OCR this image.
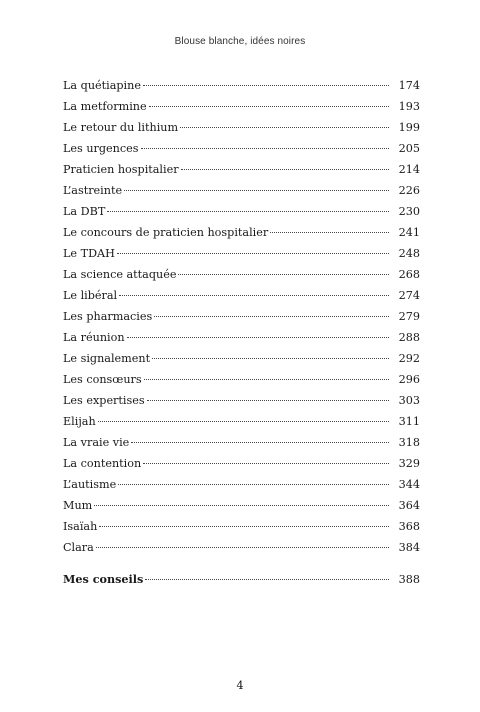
Blouse blanche, idées noires
La quétiapine	174
La metformine	193
Le retour du lithium	199
Les urgences	205
Praticien hospitalier	214
L’astreinte	226
La DBT	230
Le concours de praticien hospitalier	241
Le TDAH	248
La science attaquée	268
Le libéral	274
Les pharmacies	279
La réunion	288
Le signalement	292
Les consœurs	296
Les expertises	303
Elijah	311
La vraie vie	318
La contention	329
L’autisme	344
Mum	364
Isaïah	368
Clara	384
Mes conseils	388
4
